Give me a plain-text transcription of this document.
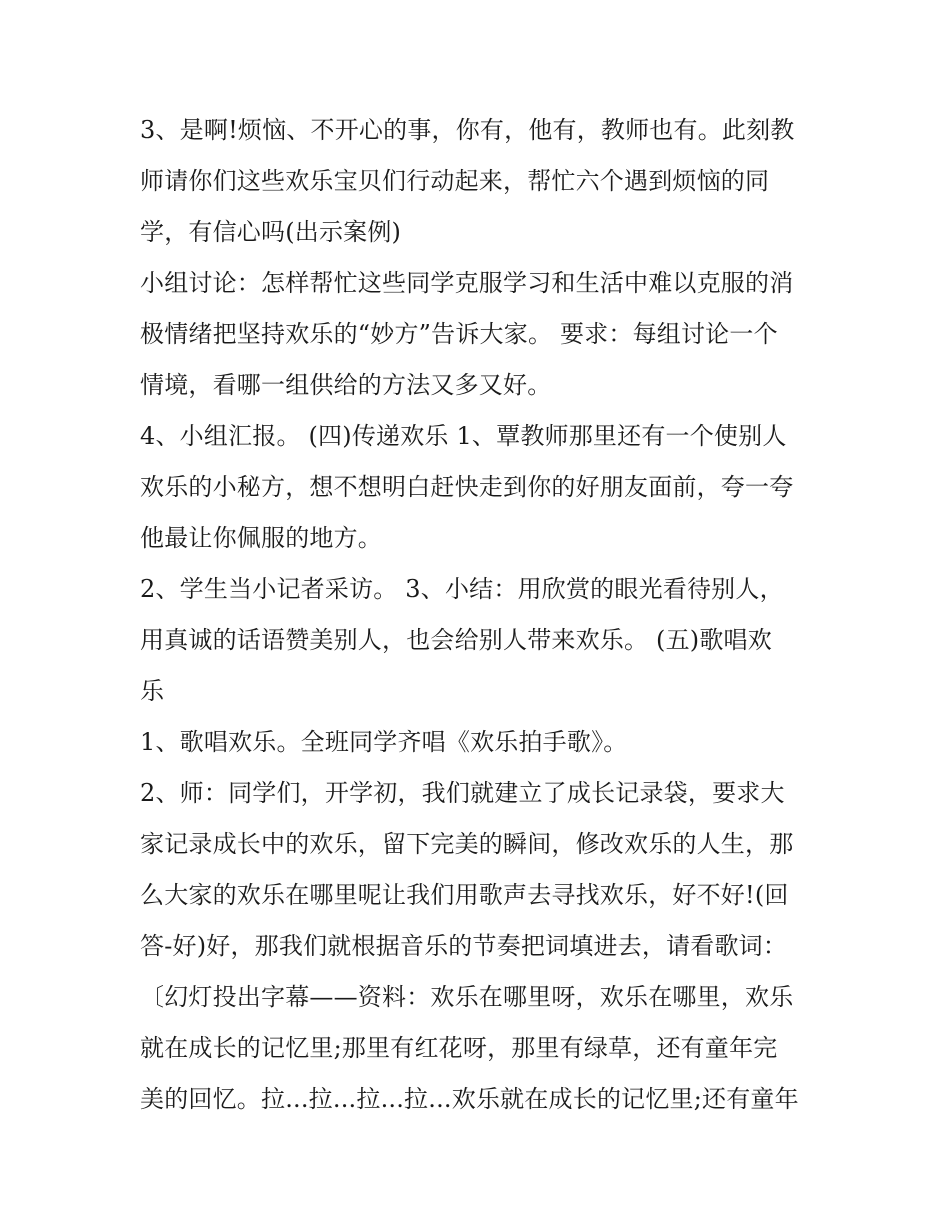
3、是啊!烦恼、不开心的事，你有，他有，教师也有。此刻教
师请你们这些欢乐宝贝们行动起来，帮忙六个遇到烦恼的同
学，有信心吗(出示案例)
小组讨论：怎样帮忙这些同学克服学习和生活中难以克服的消
极情绪把坚持欢乐的“妙方”告诉大家。 要求：每组讨论一个
情境，看哪一组供给的方法又多又好。
4、小组汇报。 (四)传递欢乐 1、覃教师那里还有一个使别人
欢乐的小秘方，想不想明白赶快走到你的好朋友面前，夸一夸
他最让你佩服的地方。
2、学生当小记者采访。 3、小结：用欣赏的眼光看待别人，
用真诚的话语赞美别人，也会给别人带来欢乐。 (五)歌唱欢
乐
1、歌唱欢乐。全班同学齐唱《欢乐拍手歌》。
2、师：同学们，开学初，我们就建立了成长记录袋，要求大
家记录成长中的欢乐，留下完美的瞬间，修改欢乐的人生，那
么大家的欢乐在哪里呢让我们用歌声去寻找欢乐，好不好!(回
答-好)好，那我们就根据音乐的节奏把词填进去，请看歌词：
〔幻灯投出字幕——资料：欢乐在哪里呀，欢乐在哪里，欢乐
就在成长的记忆里;那里有红花呀，那里有绿草，还有童年完
美的回忆。拉...拉...拉...拉...欢乐就在成长的记忆里;还有童年
